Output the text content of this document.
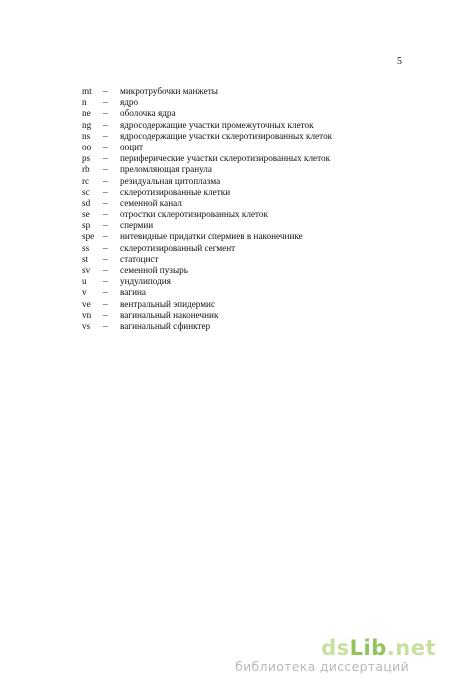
5
mt	–	микротрубочки манжеты
n	–	ядро
ne	–	оболочка ядра
ng	–	ядросодержащие участки промежуточных клеток
ns	–	ядросодержащие участки склеротизированных клеток
oo	–	ооцит
ps	–	периферические участки склеротизированных клеток
rb	–	преломляющая гранула
rc	–	резидуальная цитоплазма
sc	–	склеротизированные клетки
sd	–	семенной канал
se	–	отростки склеротизированных клеток
sp	–	спермии
spe –	нитевидные придатки спермиев в наконечнике
ss	–	склеротизированный сегмент
st	–	статоцист
sv	–	семенной пузырь
u	–	ундулиподия
v	–	вагина
ve	–	вентральный эпидермис
vn	–	вагинальный наконечник
vs	–	вагинальный сфинктер
dsLib.net
библиотека диссертаций
